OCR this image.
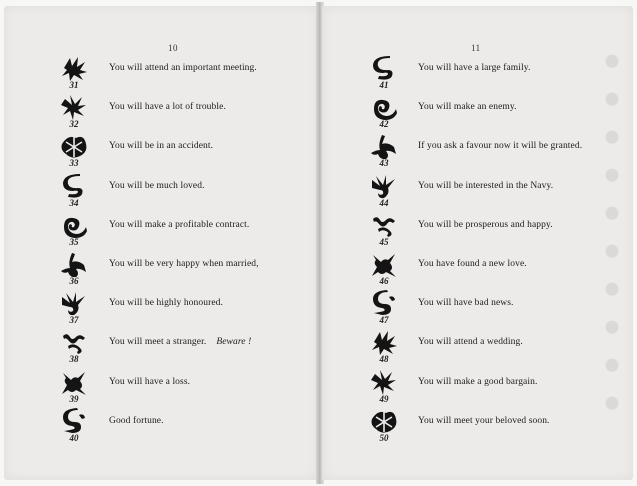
10
31
You will attend an important meeting.
32
You will have a lot of trouble.
33
You will be in an accident.
34
You will be much loved.
35
You will make a profitable contract.
36
You will be very happy when married,
37
You will be highly honoured.
38
You will meet a stranger. Beware !
39
You will have a loss.
40
Good fortune.
11
41
You will have a large family.
42
You will make an enemy.
43
If you ask a favour now it will be granted.
44
You will be interested in the Navy.
45
You will be prosperous and happy.
46
You have found a new love.
47
You will have bad news.
48
You will attend a wedding.
49
You will make a good bargain.
50
You will meet your beloved soon.
